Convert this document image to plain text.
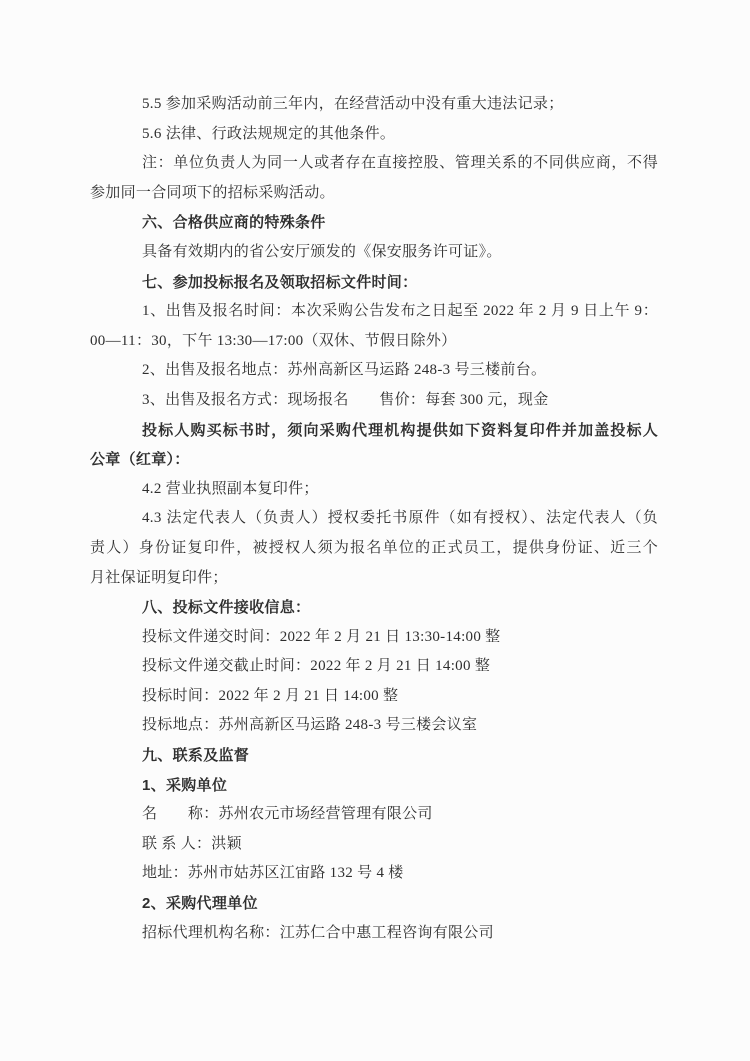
5.5 参加采购活动前三年内，在经营活动中没有重大违法记录；
5.6 法律、行政法规规定的其他条件。
注：单位负责人为同一人或者存在直接控股、管理关系的不同供应商，不得
参加同一合同项下的招标采购活动。
六、合格供应商的特殊条件
具备有效期内的省公安厅颁发的《保安服务许可证》。
七、参加投标报名及领取招标文件时间：
1、出售及报名时间：本次采购公告发布之日起至 2022 年 2 月 9 日上午 9：
00—11：30，下午 13:30—17:00（双休、节假日除外）
2、出售及报名地点：苏州高新区马运路 248-3 号三楼前台。
3、出售及报名方式：现场报名　　售价：每套 300 元，现金
投标人购买标书时，须向采购代理机构提供如下资料复印件并加盖投标人
公章（红章）：
4.2 营业执照副本复印件；
4.3 法定代表人（负责人）授权委托书原件（如有授权）、法定代表人（负
责人）身份证复印件，被授权人须为报名单位的正式员工，提供身份证、近三个
月社保证明复印件；
八、投标文件接收信息：
投标文件递交时间：2022 年 2 月 21 日 13:30-14:00 整
投标文件递交截止时间：2022 年 2 月 21 日 14:00 整
投标时间：2022 年 2 月 21 日 14:00 整
投标地点：苏州高新区马运路 248-3 号三楼会议室
九、联系及监督
1、采购单位
名　　称：苏州农元市场经营管理有限公司
联 系 人：洪颖
地址：苏州市姑苏区江宙路 132 号 4 楼
2、采购代理单位
招标代理机构名称：江苏仁合中惠工程咨询有限公司
